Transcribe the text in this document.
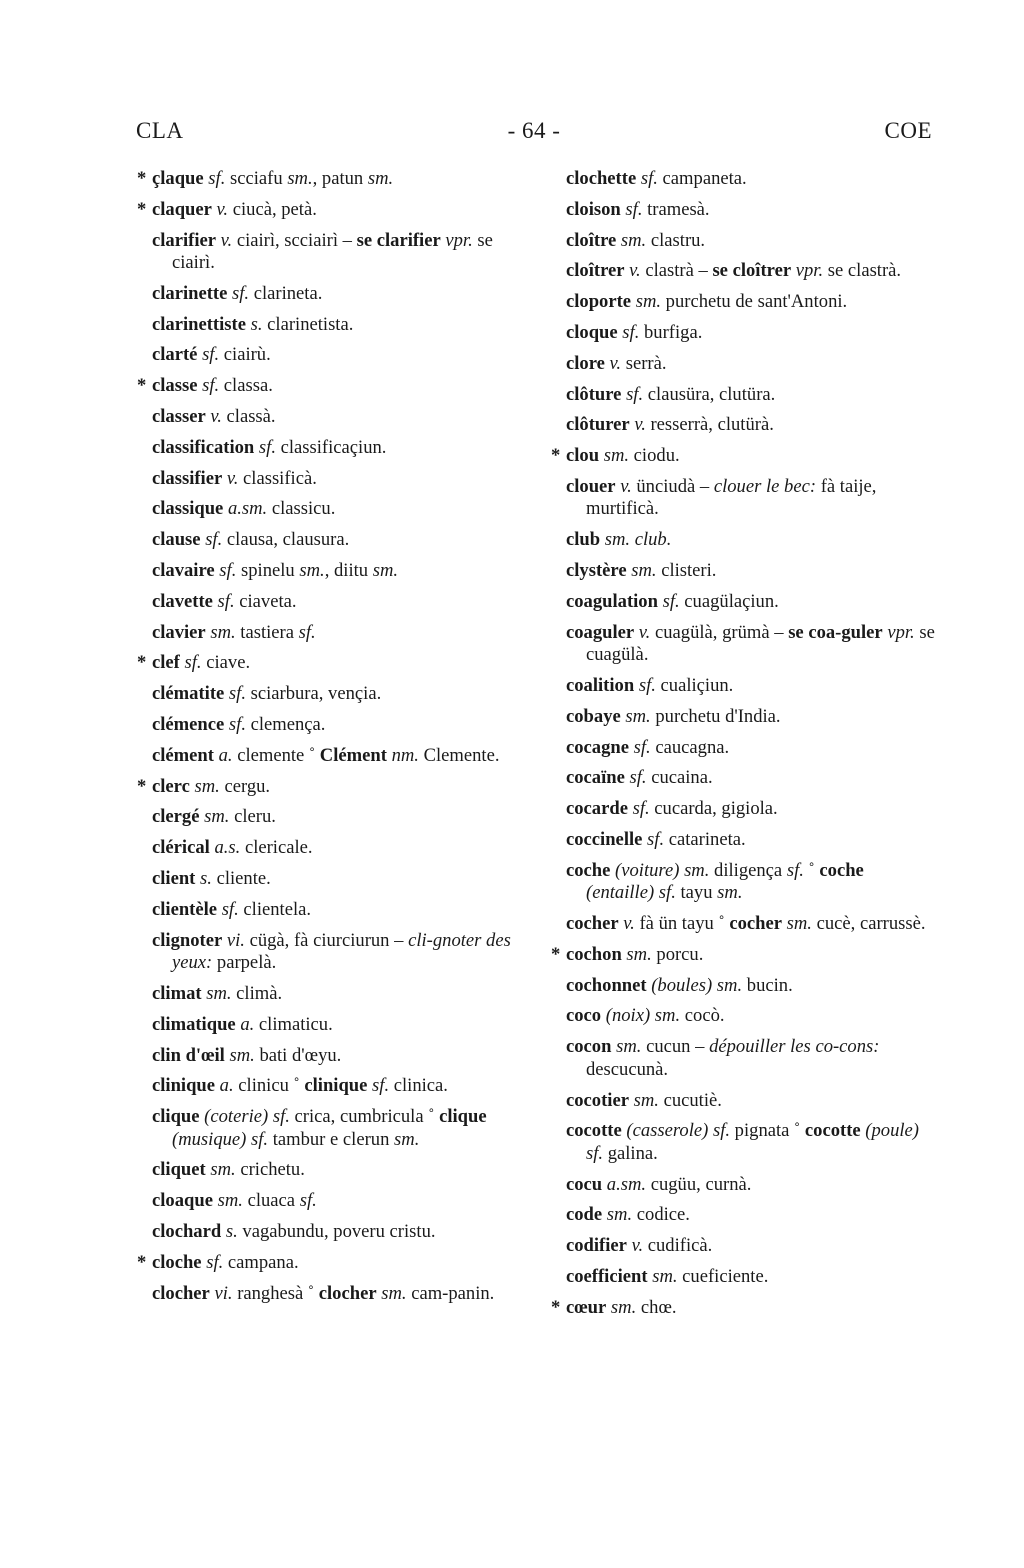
CLA	- 64 -	COE
* çlaque sf. scciafu sm., patun sm.
* claquer v. ciucà, petà.
clarifier v. ciairì, scciairì – se clarifier vpr. se ciairì.
clarinette sf. clarineta.
clarinettiste s. clarinetista.
clarté sf. ciairù.
* classe sf. classa.
classer v. classà.
classification sf. classificaçiun.
classifier v. classificà.
classique a.sm. classicu.
clause sf. clausa, clausura.
clavaire sf. spinelu sm., diitu sm.
clavette sf. ciaveta.
clavier sm. tastiera sf.
* clef sf. ciave.
clématite sf. sciarbura, vençia.
clémence sf. clemença.
clément a. clemente ˚ Clément nm. Clemente.
* clerc sm. cergu.
clergé sm. cleru.
clérical a.s. clericale.
client s. cliente.
clientèle sf. clientela.
clignoter vi. cügà, fà ciurciurun – cli-gnoter des yeux: parpelà.
climat sm. climà.
climatique a. climaticu.
clin d'œil sm. bati d'œyu.
clinique a. clinicu ˚ clinique sf. clinica.
clique (coterie) sf. crica, cumbricula ˚ clique (musique) sf. tambur e clerun sm.
cliquet sm. crichetu.
cloaque sm. cluaca sf.
clochard s. vagabundu, poveru cristu.
* cloche sf. campana.
clocher vi. ranghesà ˚ clocher sm. cam-panin.
clochette sf. campaneta.
cloison sf. tramesà.
cloître sm. clastru.
cloîtrer v. clastrà – se cloîtrer vpr. se clastrà.
cloporte sm. purchetu de sant'Antoni.
cloque sf. burfiga.
clore v. serrà.
clôture sf. clausüra, clutüra.
clôturer v. resserrà, clutürà.
* clou sm. ciodu.
clouer v. ünciudà – clouer le bec: fà taije, murtificà.
club sm. club.
clystère sm. clisteri.
coagulation sf. cuagülaçiun.
coaguler v. cuagülà, grümà – se coa-guler vpr. se cuagülà.
coalition sf. cualiçiun.
cobaye sm. purchetu d'India.
cocagne sf. caucagna.
cocaïne sf. cucaina.
cocarde sf. cucarda, gigiola.
coccinelle sf. catarineta.
coche (voiture) sm. diligença sf. ˚ coche (entaille) sf. tayu sm.
cocher v. fà ün tayu ˚ cocher sm. cucè, carrussè.
* cochon sm. porcu.
cochonnet (boules) sm. bucin.
coco (noix) sm. cocò.
cocon sm. cucun – dépouiller les co-cons: descucunà.
cocotier sm. cucutiè.
cocotte (casserole) sf. pignata ˚ cocotte (poule) sf. galina.
cocu a.sm. cugüu, curnà.
code sm. codice.
codifier v. cudificà.
coefficient sm. cueficiente.
* cœur sm. chœ.
